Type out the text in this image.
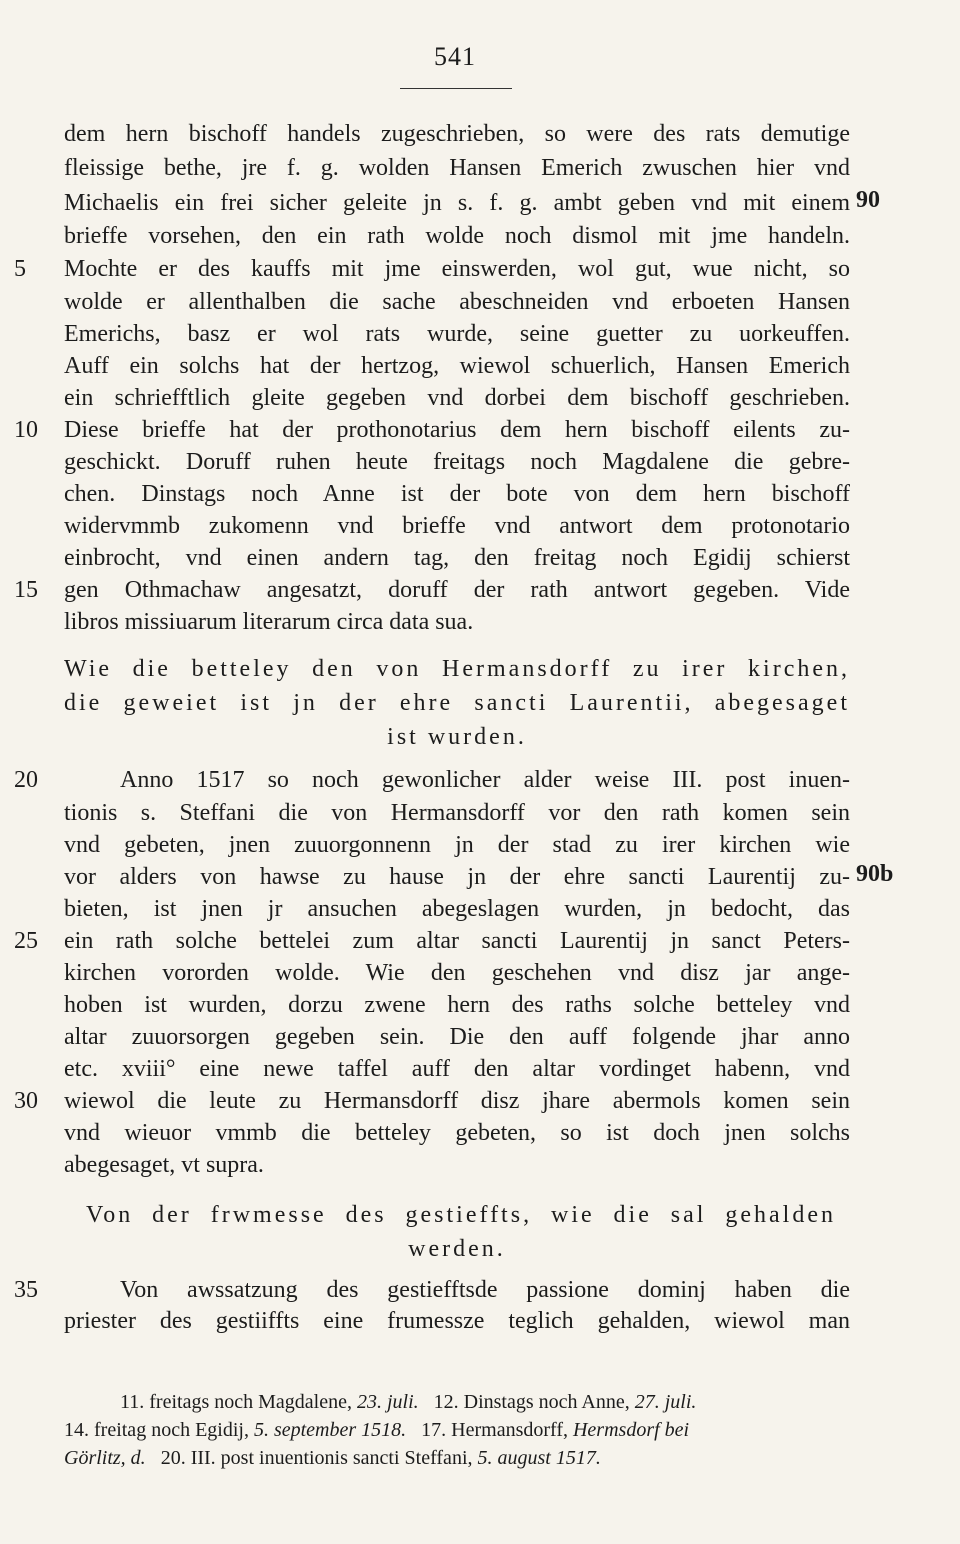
541
dem hern bischoff handels zugeschrieben, so were des rats demutige
fleissige bethe, jre f. g. wolden Hansen Emerich zwuschen hier vnd
Michaelis ein frei sicher geleite jn s. f. g. ambt geben vnd mit einem
brieffe vorsehen, den ein rath wolde noch dismol mit jme handeln.
Mochte er des kauffs mit jme einswerden, wol gut, wue nicht, so
wolde er allenthalben die sache abeschneiden vnd erboeten Hansen
Emerichs, basz er wol rats wurde, seine guetter zu uorkeuffen.
Auff ein solchs hat der hertzog, wiewol schuerlich, Hansen Emerich
ein schriefftlich gleite gegeben vnd dorbei dem bischoff geschrieben.
Diese brieffe hat der prothonotarius dem hern bischoff eilents zu-
geschickt. Doruff ruhen heute freitags noch Magdalene die gebre-
chen. Dinstags noch Anne ist der bote von dem hern bischoff
widervmmb zukomenn vnd brieffe vnd antwort dem protonotario
einbrocht, vnd einen andern tag, den freitag noch Egidij schierst
gen Othmachaw angesatzt, doruff der rath antwort gegeben. Vide
libros missiuarum literarum circa data sua.
Wie die betteley den von Hermansdorff zu irer kirchen,
die geweiet ist jn der ehre sancti Laurentii, abegesaget
ist wurden.
Anno 1517 so noch gewonlicher alder weise III. post inuen-
tionis s. Steffani die von Hermansdorff vor den rath komen sein
vnd gebeten, jnen zuuorgonnenn jn der stad zu irer kirchen wie
vor alders von hawse zu hause jn der ehre sancti Laurentij zu-
bieten, ist jnen jr ansuchen abegeslagen wurden, jn bedocht, das
ein rath solche bettelei zum altar sancti Laurentij jn sanct Peters-
kirchen vororden wolde. Wie den geschehen vnd disz jar ange-
hoben ist wurden, dorzu zwene hern des raths solche betteley vnd
altar zuuorsorgen gegeben sein. Die den auff folgende jhar anno
etc. xviii° eine newe taffel auff den altar vordinget habenn, vnd
wiewol die leute zu Hermansdorff disz jhare abermols komen sein
vnd wieuor vmmb die betteley gebeten, so ist doch jnen solchs
abegesaget, vt supra.
Von der frwmesse des gestieffts, wie die sal gehalden
werden.
Von awssatzung des gestiefftsde passione dominj haben die
priester des gestiiffts eine frumessze teglich gehalden, wiewol man
5
10
15
20
25
30
35
90
90b
11. freitags noch Magdalene, 23. juli. 12. Dinstags noch Anne, 27. juli.
14. freitag noch Egidij, 5. september 1518. 17. Hermansdorff, Hermsdorf bei
Görlitz, d. 20. III. post inuentionis sancti Steffani, 5. august 1517.
